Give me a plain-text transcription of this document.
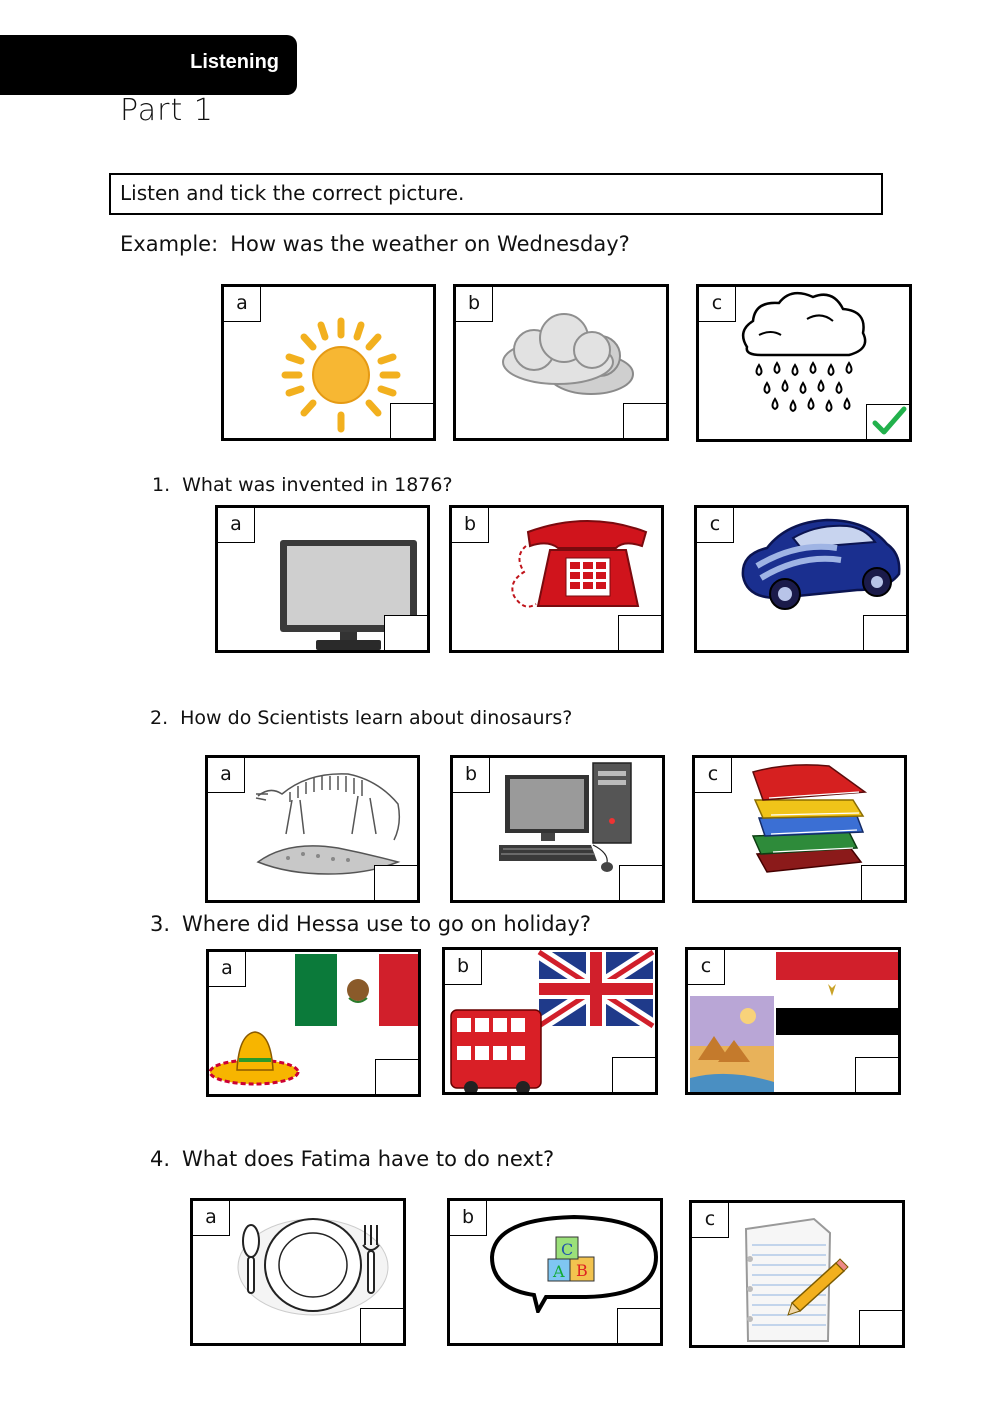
Listening
Part 1
Listen and tick the correct picture.
Example: How was the weather on Wednesday?
a	b	c
1. What was invented in 1876?
a	b	c
2. How do Scientists learn about dinosaurs?
a	b	c
3. Where did Hessa use to go on holiday?
a	b	c
4. What does Fatima have to do next?
a	b
A B
C
c
